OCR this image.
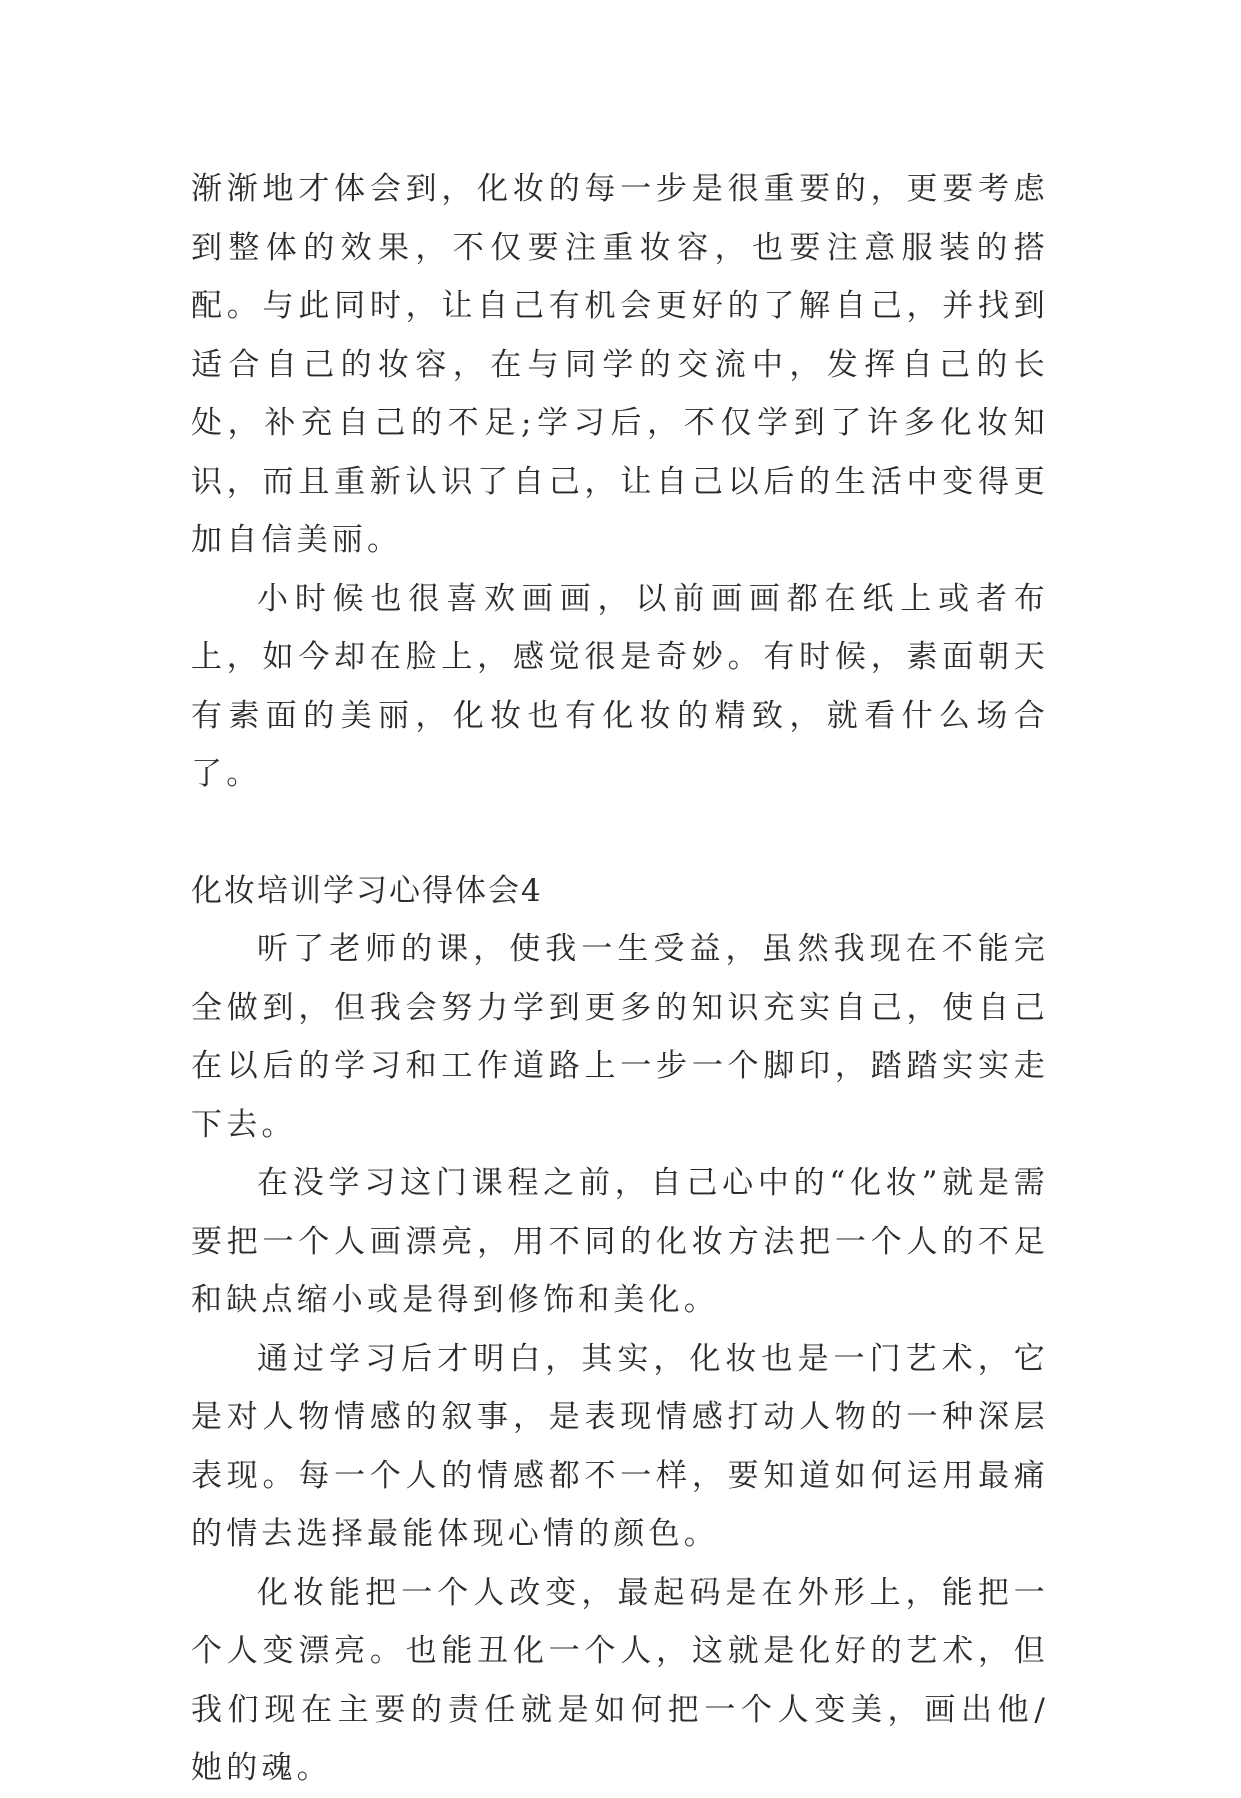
渐渐地才体会到，化妆的每一步是很重要的，更要考虑到整体的效果，不仅要注重妆容，也要注意服装的搭配。与此同时，让自己有机会更好的了解自己，并找到适合自己的妆容，在与同学的交流中，发挥自己的长处，补充自己的不足;学习后，不仅学到了许多化妆知识，而且重新认识了自己，让自己以后的生活中变得更加自信美丽。

小时候也很喜欢画画，以前画画都在纸上或者布上，如今却在脸上，感觉很是奇妙。有时候，素面朝天有素面的美丽，化妆也有化妆的精致，就看什么场合了。

化妆培训学习心得体会4

听了老师的课，使我一生受益，虽然我现在不能完全做到，但我会努力学到更多的知识充实自己，使自己在以后的学习和工作道路上一步一个脚印，踏踏实实走下去。

在没学习这门课程之前，自己心中的“化妆”就是需要把一个人画漂亮，用不同的化妆方法把一个人的不足和缺点缩小或是得到修饰和美化。

通过学习后才明白，其实，化妆也是一门艺术，它是对人物情感的叙事，是表现情感打动人物的一种深层表现。每一个人的情感都不一样，要知道如何运用最痛的情去选择最能体现心情的颜色。

化妆能把一个人改变，最起码是在外形上，能把一个人变漂亮。也能丑化一个人，这就是化好的艺术，但我们现在主要的责任就是如何把一个人变美，画出他/她的魂。
